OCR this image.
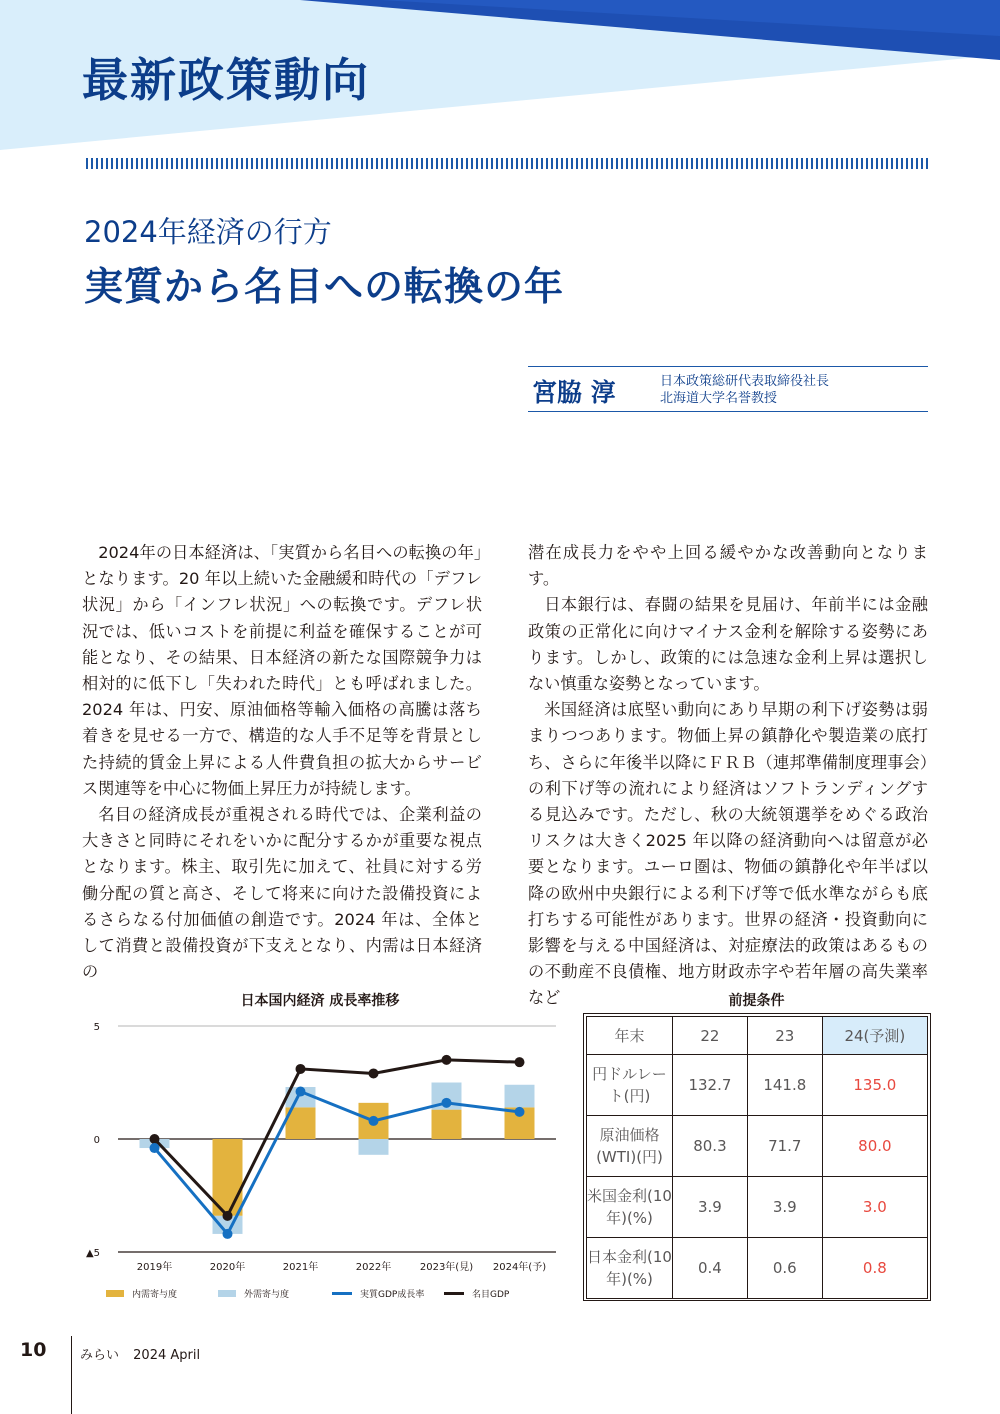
最新政策動向
2024年経済の行方
実質から名目への転換の年
宮脇 淳	日本政策総研代表取締役社長
北海道大学名誉教授

2024年の日本経済は、「実質から名目への転換の年」となります。20 年以上続いた金融緩和時代の「デフレ状況」から「インフレ状況」への転換です。デフレ状況では、低いコストを前提に利益を確保することが可能となり、その結果、日本経済の新たな国際競争力は相対的に低下し「失われた時代」とも呼ばれました。2024 年は、円安、原油価格等輸入価格の高騰は落ち着きを見せる一方で、構造的な人手不足等を背景とした持続的賃金上昇による人件費負担の拡大からサービス関連等を中心に物価上昇圧力が持続します。

名目の経済成長が重視される時代では、企業利益の大きさと同時にそれをいかに配分するかが重要な視点となります。株主、取引先に加えて、社員に対する労働分配の質と高さ、そして将来に向けた設備投資によるさらなる付加価値の創造です。2024 年は、全体として消費と設備投資が下支えとなり、内需は日本経済の

潜在成長力をやや上回る緩やかな改善動向となります。

日本銀行は、春闘の結果を見届け、年前半には金融政策の正常化に向けマイナス金利を解除する姿勢にあります。しかし、政策的には急速な金利上昇は選択しない慎重な姿勢となっています。

米国経済は底堅い動向にあり早期の利下げ姿勢は弱まりつつあります。物価上昇の鎮静化や製造業の底打ち、さらに年後半以降にＦＲＢ（連邦準備制度理事会）の利下げ等の流れにより経済はソフトランディングする見込みです。ただし、秋の大統領選挙をめぐる政治リスクは大きく2025 年以降の経済動向へは留意が必要となります。ユーロ圏は、物価の鎮静化や年半ば以降の欧州中央銀行による利下げ等で低水準ながらも底打ちする可能性があります。世界の経済・投資動向に影響を与える中国経済は、対症療法的政策はあるものの不動産不良債権、地方財政赤字や若年層の高失業率など

日本国内経済 成長率推移
5
0
▲5
2019年	2020年	2021年	2022年	2023年(見) 2024年(予)
内需寄与度	外需寄与度	実質GDP成長率	名目GDP
前提条件
年末	22	23	24(予測)
円ドルレート(円)	132.7	141.8	135.0
原油価格(WTI)(円)	80.3	71.7	80.0
米国金利(10年)(%)	3.9	3.9	3.0
日本金利(10年)(%)	0.4	0.6	0.8
10	みらい 2024 April
